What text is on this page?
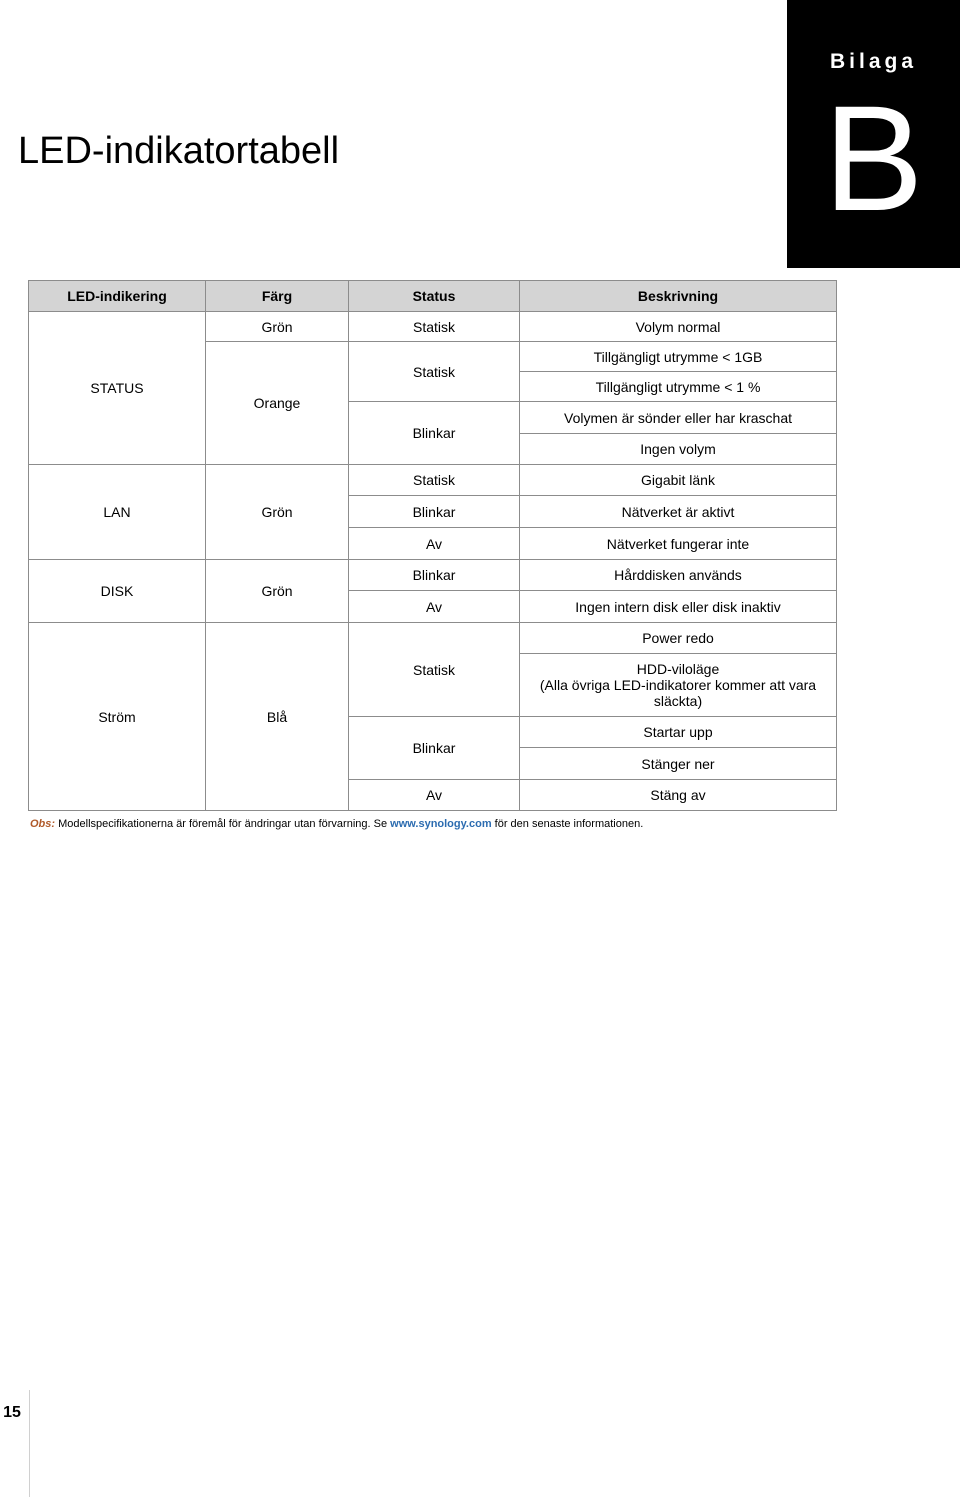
Bilaga
B
LED-indikatortabell
LED-indikering	Färg	Status	Beskrivning
STATUS	Grön	Statisk	Volym normal
	Orange	Statisk	Tillgängligt utrymme < 1GB
			Tillgängligt utrymme < 1 %
		Blinkar	Volymen är sönder eller har kraschat
			Ingen volym
LAN	Grön	Statisk	Gigabit länk
		Blinkar	Nätverket är aktivt
		Av	Nätverket fungerar inte
DISK	Grön	Blinkar	Hårddisken används
		Av	Ingen intern disk eller disk inaktiv
Ström	Blå	Statisk	Power redo

			HDD-viloläge
(Alla övriga LED-indikatorer kommer att vara släckta)

		Blinkar	Startar upp
			Stänger ner
		Av	Stäng av
Obs: Modellspecifikationerna är föremål för ändringar utan förvarning. Se www.synology.com för den senaste informationen.
15
